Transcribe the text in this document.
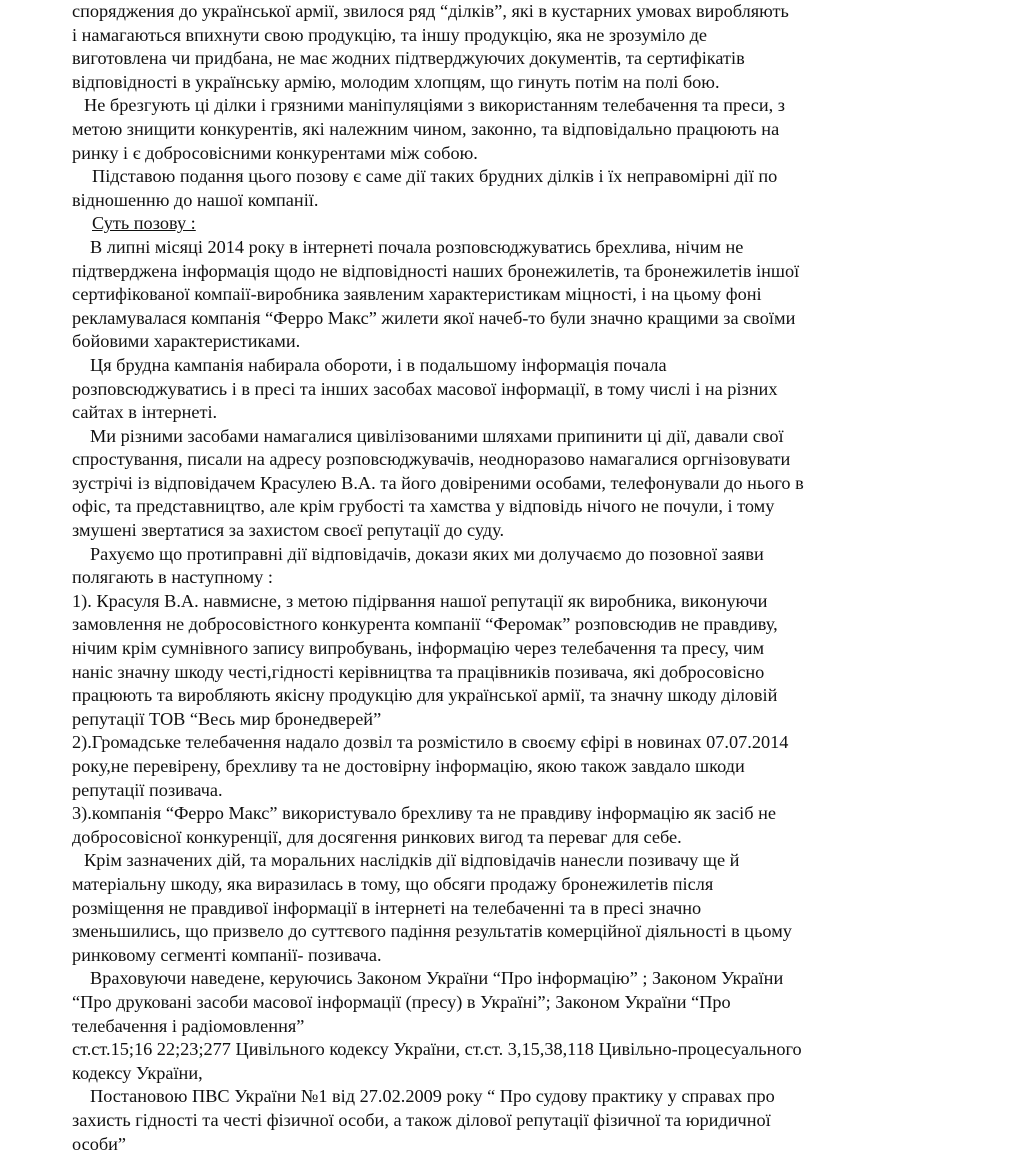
споряджения до української армії, звилося ряд “ділків”, які в кустарних умовах виробляють

і намагаються впихнути свою продукцію, та іншу продукцію, яка не зрозуміло де

виготовлена чи придбана, не має жодних підтверджуючих документів, та сертифікатів

відповідності в українську армію, молодим хлопцям, що гинуть потім на полі бою.

Не брезгують ці ділки і грязними маніпуляціями з використанням телебачення та преси, з

метою знищити конкурентів, які належним чином, законно, та відповідально працюють на

ринку і є добросовісними конкурентами між собою.

Підставою подання цього позову є саме дії таких брудних ділків і їх неправомірні дії по

відношенню до нашої компанії.

Суть позову :

В липні місяці 2014 року в інтернеті почала розповсюджуватись брехлива, нічим не

підтверджена інформація щодо не відповідності наших бронежилетів, та бронежилетів іншої

сертифікованої компаії-виробника заявленим характеристикам міцності, і на цьому фоні

рекламувалася компанія “Ферро Макс” жилети якої начеб-то були значно кращими за своїми

бойовими характеристиками.

Ця брудна кампанія набирала обороти, і в подальшому інформація почала

розповсюджуватись і в пресі та інших засобах масової інформації, в тому числі і на різних

сайтах в інтернеті.

Ми різними засобами намагалися цивілізованими шляхами припинити ці дії, давали свої

спростування, писали на адресу розповсюджувачів, неодноразово намагалися оргнізовувати

зустрічі із відповідачем Красулею В.А. та його довіреними особами, телефонували до нього в

офіс, та представництво, але крім грубості та хамства у відповідь нічого не почули, і тому

змушені звертатися за захистом своєї репутації до суду.

Рахуємо що протиправні дії відповідачів, докази яких ми долучаємо до позовної заяви

полягають в наступному :

1). Красуля В.А. навмисне, з метою підірвання нашої репутації як виробника, виконуючи

замовлення не добросовістного конкурента компанії “Феромак” розповсюдив не правдиву,

нічим крім сумнівного запису випробувань, інформацію через телебачення та пресу, чим

наніс значну шкоду честі,гідності керівництва та працівників позивача, які добросовісно

працюють та виробляють якісну продукцію для української армії, та значну шкоду діловій

репутації ТОВ “Весь мир бронедверей”

2).Громадське телебачення надало дозвіл та розмістило в своєму єфірі в новинах 07.07.2014

року,не перевірену, брехливу та не достовірну інформацію, якою також завдало шкоди

репутації позивача.

3).компанія “Ферро Макс” використувало брехливу та не правдиву інформацію як засіб не

добросовісної конкуренції, для досягення ринкових вигод та переваг для себе.

Крім зазначених дій, та моральних наслідків дії відповідачів нанесли позивачу ще й

матеріальну шкоду, яка виразилась в тому, що обсяги продажу бронежилетів після

розміщення не правдивої інформації в інтернеті на телебаченні та в пресі значно

зменьшились, що призвело до суттєвого падіння результатів комерційної діяльності в цьому

ринковому сегменті компанії- позивача.

Враховуючи наведене, керуючись Законом України “Про інформацію” ; Законом України

“Про друковані засоби масової інформації (пресу) в Україні”; Законом України “Про

телебачення і радіомовлення”

ст.ст.15;16 22;23;277 Цивільного кодексу України, ст.ст. 3,15,38,118 Цивільно-процесуального

кодексу України,

Постановою ПВС України №1 від 27.02.2009 року “ Про судову практику у справах про

захисть гідності та честі фізичної особи, а також ділової репутації фізичної та юридичної

особи”
